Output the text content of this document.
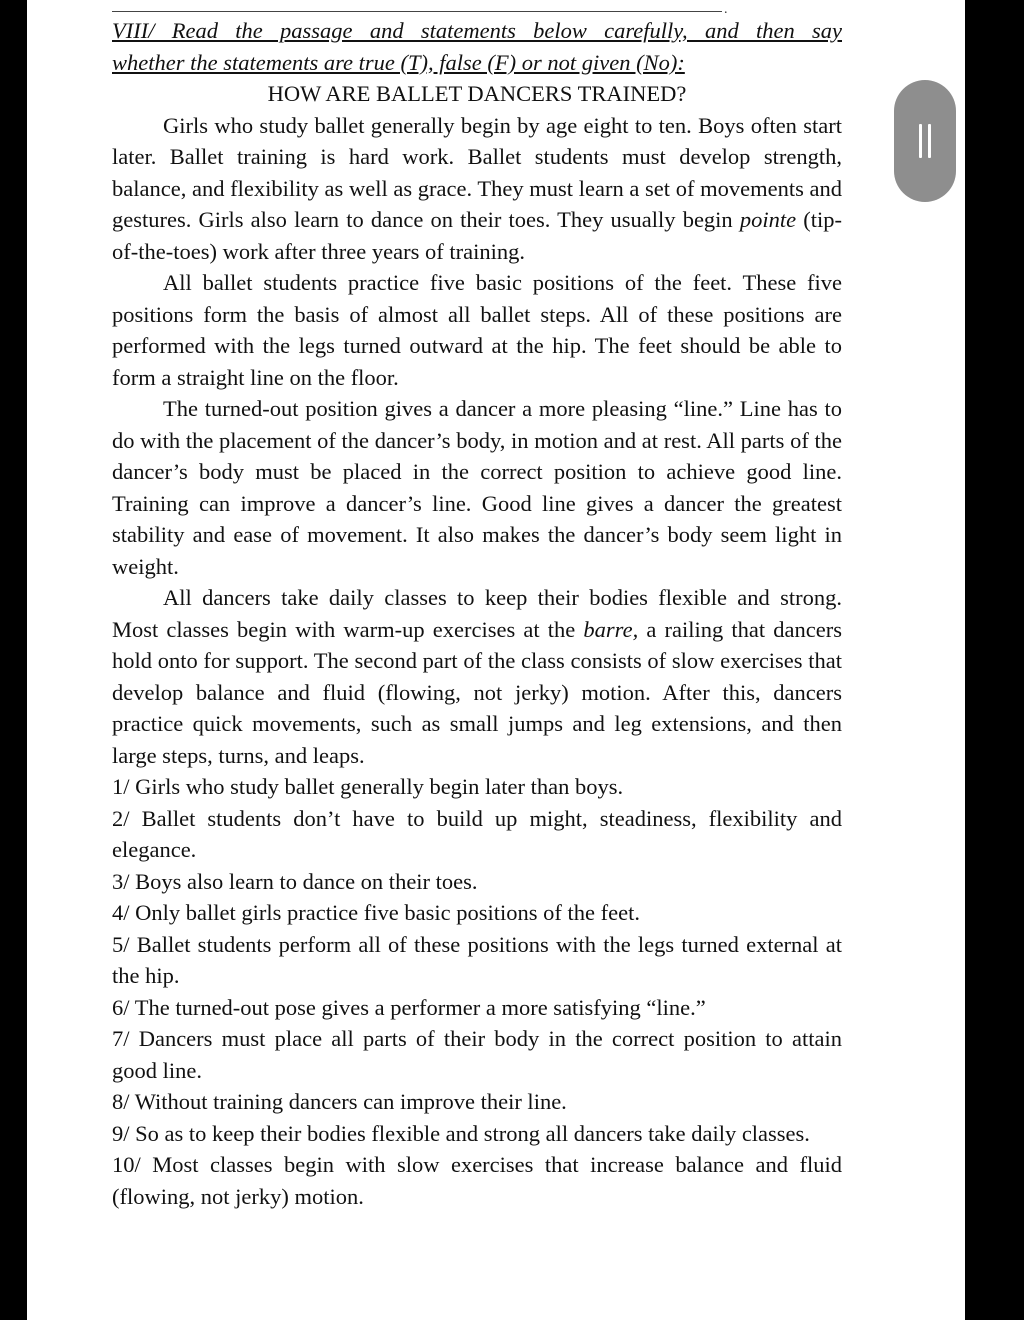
.

VIII/ Read the passage and statements below carefully, and then say

whether the statements are true (T), false (F) or not given (No):

HOW ARE BALLET DANCERS TRAINED?

Girls who study ballet generally begin by age eight to ten. Boys often start later. Ballet training is hard work. Ballet students must develop strength, balance, and flexibility as well as grace. They must learn a set of movements and gestures. Girls also learn to dance on their toes. They usually begin pointe (tip-of-the-toes) work after three years of training.

All ballet students practice five basic positions of the feet. These five positions form the basis of almost all ballet steps. All of these positions are performed with the legs turned outward at the hip. The feet should be able to form a straight line on the floor.

The turned-out position gives a dancer a more pleasing “line.” Line has to do with the placement of the dancer’s body, in motion and at rest. All parts of the dancer’s body must be placed in the correct position to achieve good line. Training can improve a dancer’s line. Good line gives a dancer the greatest stability and ease of movement. It also makes the dancer’s body seem light in weight.

All dancers take daily classes to keep their bodies flexible and strong. Most classes begin with warm-up exercises at the barre, a railing that dancers hold onto for support. The second part of the class consists of slow exercises that develop balance and fluid (flowing, not jerky) motion. After this, dancers practice quick movements, such as small jumps and leg extensions, and then large steps, turns, and leaps.

1/ Girls who study ballet generally begin later than boys.

2/ Ballet students don’t have to build up might, steadiness, flexibility and elegance.

3/ Boys also learn to dance on their toes.

4/ Only ballet girls practice five basic positions of the feet.

5/ Ballet students perform all of these positions with the legs turned external at the hip.

6/ The turned-out pose gives a performer a more satisfying “line.”

7/ Dancers must place all parts of their body in the correct position to attain good line.

8/ Without training dancers can improve their line.

9/ So as to keep their bodies flexible and strong all dancers take daily classes.

10/ Most classes begin with slow exercises that increase balance and fluid (flowing, not jerky) motion.
